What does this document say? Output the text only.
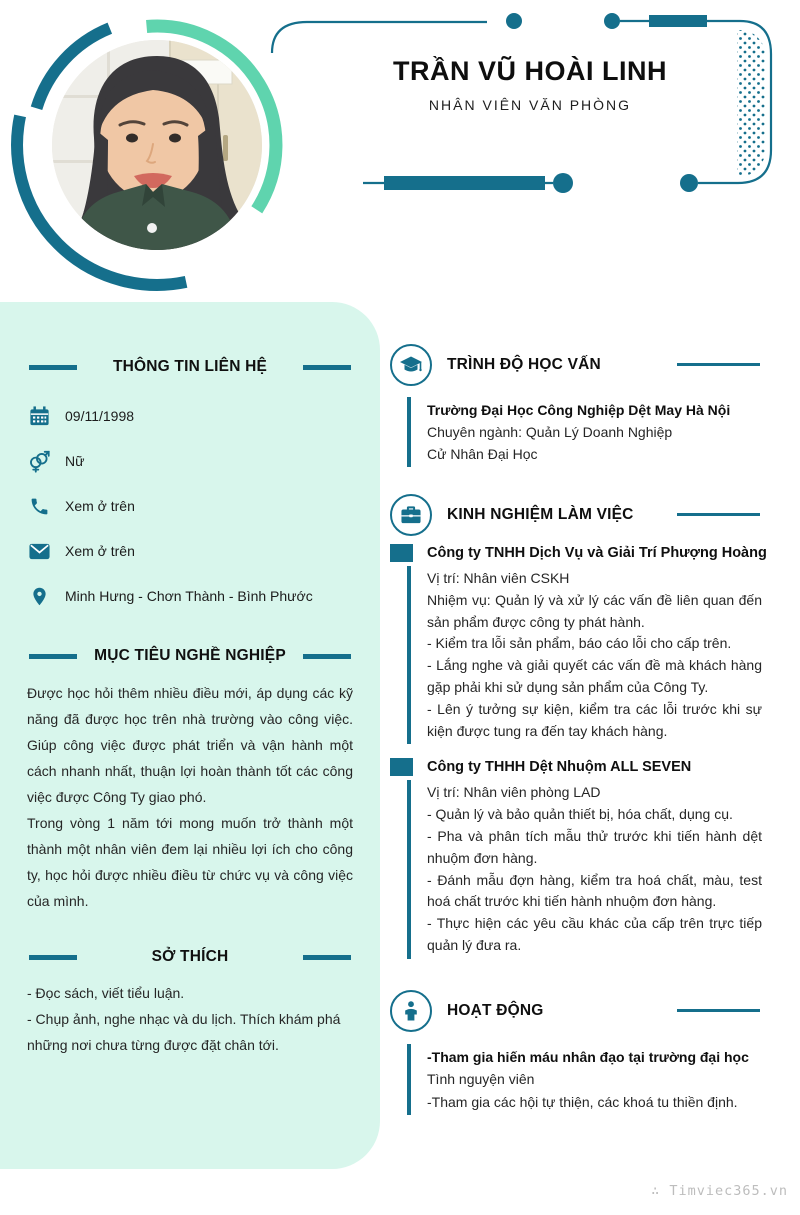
TRẦN VŨ HOÀI LINH
NHÂN VIÊN VĂN PHÒNG
THÔNG TIN LIÊN HỆ
09/11/1998
Nữ
Xem ở trên
Xem ở trên
Minh Hưng - Chơn Thành - Bình Phước
MỤC TIÊU NGHỀ NGHIỆP

Được học hỏi thêm nhiều điều mới, áp dụng các kỹ năng đã được học trên nhà trường vào công việc. Giúp công việc được phát triển và vận hành một cách nhanh nhất, thuận lợi hoàn thành tốt các công việc được Công Ty giao phó.

Trong vòng 1 năm tới mong muốn trở thành một thành một nhân viên đem lại nhiều lợi ích cho công ty, học hỏi được nhiều điều từ chức vụ và công việc của mình.

SỞ THÍCH
- Đọc sách, viết tiểu luận.
- Chụp ảnh, nghe nhạc và du lịch. Thích khám phá những nơi chưa từng được đặt chân tới.
TRÌNH ĐỘ HỌC VẤN
Trường Đại Học Công Nghiệp Dệt May Hà Nội
Chuyên ngành: Quản Lý Doanh Nghiệp
Cử Nhân Đại Học
KINH NGHIỆM LÀM VIỆC
Công ty TNHH Dịch Vụ và Giải Trí Phượng Hoàng
Vị trí: Nhân viên CSKH
Nhiệm vụ: Quản lý và xử lý các vấn đề liên quan đến sản phẩm được công ty phát hành.
- Kiểm tra lỗi sản phẩm, báo cáo lỗi cho cấp trên.
- Lắng nghe và giải quyết các vấn đề mà khách hàng gặp phải khi sử dụng sản phẩm của Công Ty.
- Lên ý tưởng sự kiện, kiểm tra các lỗi trước khi sự kiện được tung ra đến tay khách hàng.
Công ty THHH Dệt Nhuộm ALL SEVEN
Vị trí: Nhân viên phòng LAD
- Quản lý và bảo quản thiết bị, hóa chất, dụng cụ.
- Pha và phân tích mẫu thử trước khi tiến hành dệt nhuộm đơn hàng.
- Đánh mẫu đợn hàng, kiểm tra hoá chất, màu, test hoá chất trước khi tiến hành nhuộm đơn hàng.
- Thực hiện các yêu cầu khác của cấp trên trực tiếp quản lý đưa ra.
HOẠT ĐỘNG
-Tham gia hiến máu nhân đạo tại trường đại học
Tình nguyện viên
-Tham gia các hội tự thiện, các khoá tu thiền định.
∴ Timviec365.vn
